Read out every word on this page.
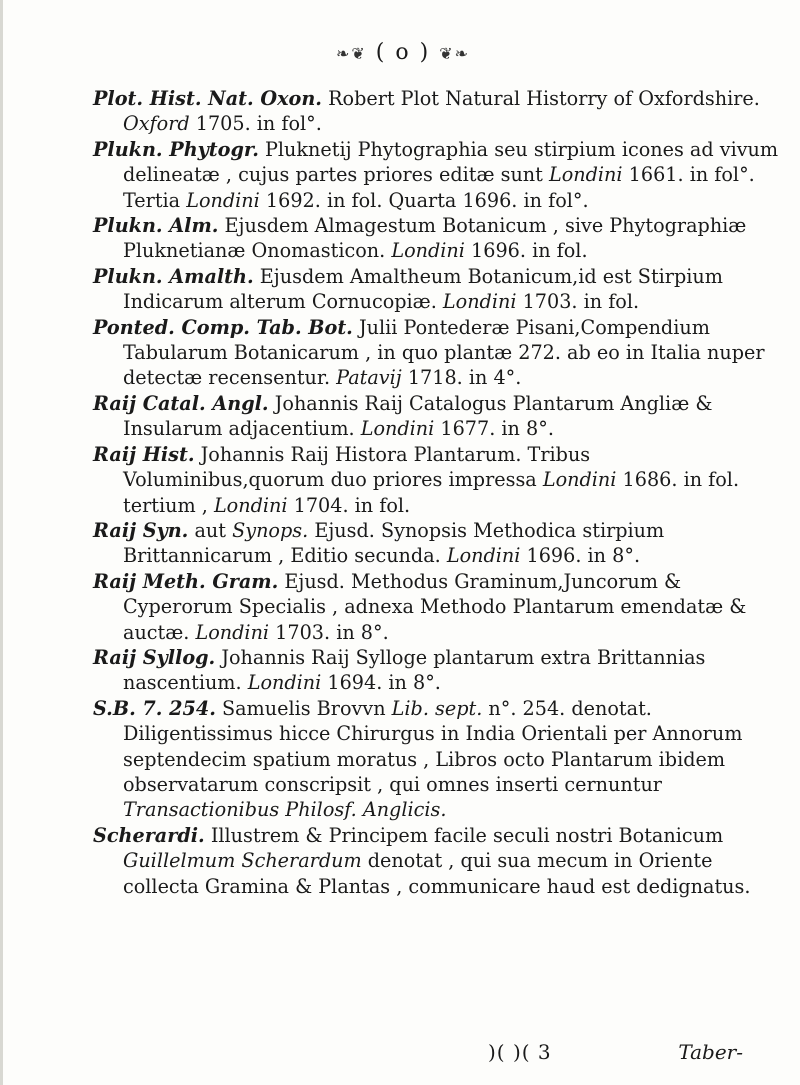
❧❦ ( o ) ❦❧
Plot. Hist. Nat. Oxon. Robert Plot Natural Historry of Oxfordshire. Oxford 1705. in fol°.
Plukn. Phytogr. Pluknetij Phytographia seu stirpium icones ad vivum delineatæ , cujus partes priores editæ sunt Londini 1661. in fol°. Tertia Londini 1692. in fol. Quarta 1696. in fol°.
Plukn. Alm. Ejusdem Almagestum Botanicum , sive Phytographiæ Pluknetianæ Onomasticon. Londini 1696. in fol.
Plukn. Amalth. Ejusdem Amaltheum Botanicum,id est Stirpium Indicarum alterum Cornucopiæ. Londini 1703. in fol.
Ponted. Comp. Tab. Bot. Julii Pontederæ Pisani,Compendium Tabularum Botanicarum , in quo plantæ 272. ab eo in Italia nuper detectæ recensentur. Patavij 1718. in 4°.
Raij Catal. Angl. Johannis Raij Catalogus Plantarum Angliæ & Insularum adjacentium. Londini 1677. in 8°.
Raij Hist. Johannis Raij Histora Plantarum. Tribus Voluminibus,quorum duo priores impressa Londini 1686. in fol. tertium , Londini 1704. in fol.
Raij Syn. aut Synops. Ejusd. Synopsis Methodica stirpium Brittannicarum , Editio secunda. Londini 1696. in 8°.
Raij Meth. Gram. Ejusd. Methodus Graminum,Juncorum & Cyperorum Specialis , adnexa Methodo Plantarum emendatæ & auctæ. Londini 1703. in 8°.
Raij Syllog. Johannis Raij Sylloge plantarum extra Brittannias nascentium. Londini 1694. in 8°.
S.B. 7. 254. Samuelis Brovvn Lib. sept. n°. 254. denotat. Diligentissimus hicce Chirurgus in India Orientali per Annorum septendecim spatium moratus , Libros octo Plantarum ibidem observatarum conscripsit , qui omnes inserti cernuntur Transactionibus Philosf. Anglicis.
Scherardi. Illustrem & Principem facile seculi nostri Botanicum Guillelmum Scherardum denotat , qui sua mecum in Oriente collecta Gramina & Plantas , communicare haud est dedignatus.
)( )( 3	Taber-
